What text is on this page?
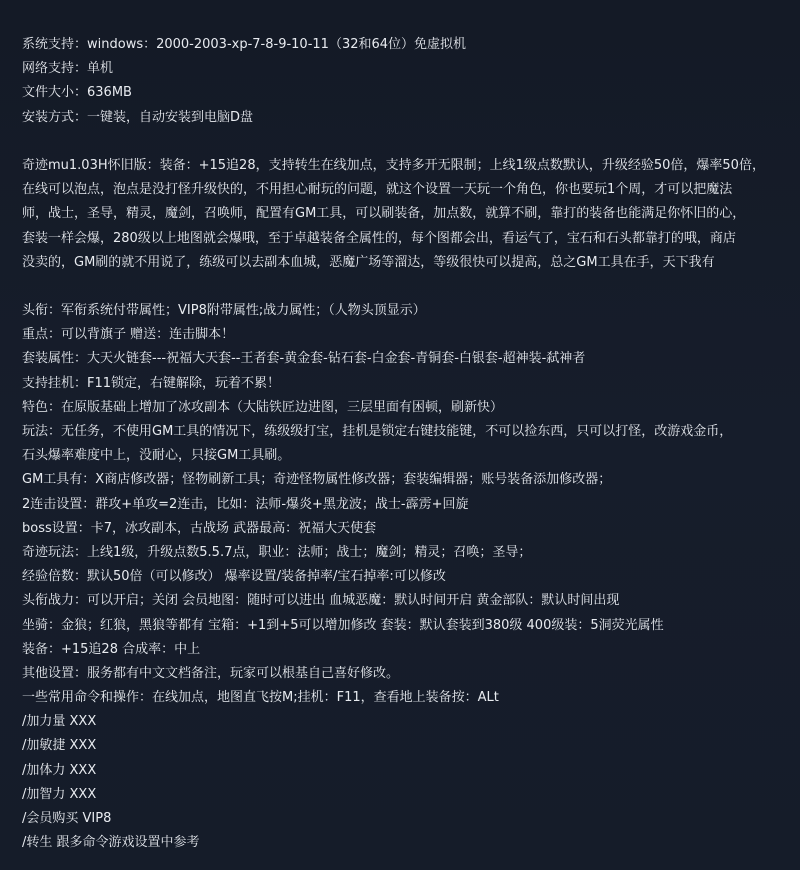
系统支持：windows：2000-2003-xp-7-8-9-10-11（32和64位）免虚拟机
网络支持：单机
文件大小：636MB
安装方式：一键装，自动安装到电脑D盘
奇迹mu1.03H怀旧版：装备：+15追28，支持转生在线加点，支持多开无限制；上线1级点数默认，升级经验50倍，爆率50倍，
在线可以泡点，泡点是没打怪升级快的，不用担心耐玩的问题，就这个设置一天玩一个角色，你也要玩1个周，才可以把魔法
师，战士，圣导，精灵，魔剑，召唤师，配置有GM工具，可以刷装备，加点数，就算不刷，靠打的装备也能满足你怀旧的心，
套装一样会爆，280级以上地图就会爆哦，至于卓越装备全属性的，每个图都会出，看运气了，宝石和石头都靠打的哦，商店
没卖的，GM刷的就不用说了，练级可以去副本血城，恶魔广场等溜达，等级很快可以提高，总之GM工具在手，天下我有
头衔：军衔系统付带属性；VIP8附带属性;战力属性；（人物头顶显示）
重点：可以背旗子 赠送：连击脚本！
套装属性：大天火链套---祝福大天套--王者套-黄金套-钻石套-白金套-青铜套-白银套-超神装-弑神者
支持挂机：F11锁定，右键解除，玩着不累！
特色：在原版基础上增加了冰攻副本（大陆铁匠边进图，三层里面有困顿，刷新快）
玩法：无任务，不使用GM工具的情况下，练级级打宝，挂机是锁定右键技能键，不可以捡东西，只可以打怪，改游戏金币，
石头爆率难度中上，没耐心，只接GM工具刷。
GM工具有：X商店修改器；怪物刷新工具；奇迹怪物属性修改器；套装编辑器；账号装备添加修改器；
2连击设置：群攻+单攻=2连击，比如：法师-爆炎+黑龙波；战士-霹雳+回旋
boss设置：卡7，冰攻副本，古战场 武器最高：祝福大天使套
奇迹玩法：上线1级，升级点数5.5.7点，职业：法师；战士；魔剑；精灵；召唤；圣导；
经验倍数：默认50倍（可以修改） 爆率设置/装备掉率/宝石掉率:可以修改
头衔战力：可以开启；关闭 会员地图：随时可以进出 血城恶魔：默认时间开启 黄金部队：默认时间出现
坐骑：金狼；红狼，黑狼等都有 宝箱：+1到+5可以增加修改 套装：默认套装到380级 400级装：5洞荧光属性
装备：+15追28 合成率：中上
其他设置：服务都有中文文档备注，玩家可以根基自己喜好修改。
一些常用命令和操作：在线加点，地图直飞按M;挂机：F11，查看地上装备按：ALt
/加力量 XXX
/加敏捷 XXX
/加体力 XXX
/加智力 XXX
/会员购买 VIP8
/转生 跟多命令游戏设置中参考
